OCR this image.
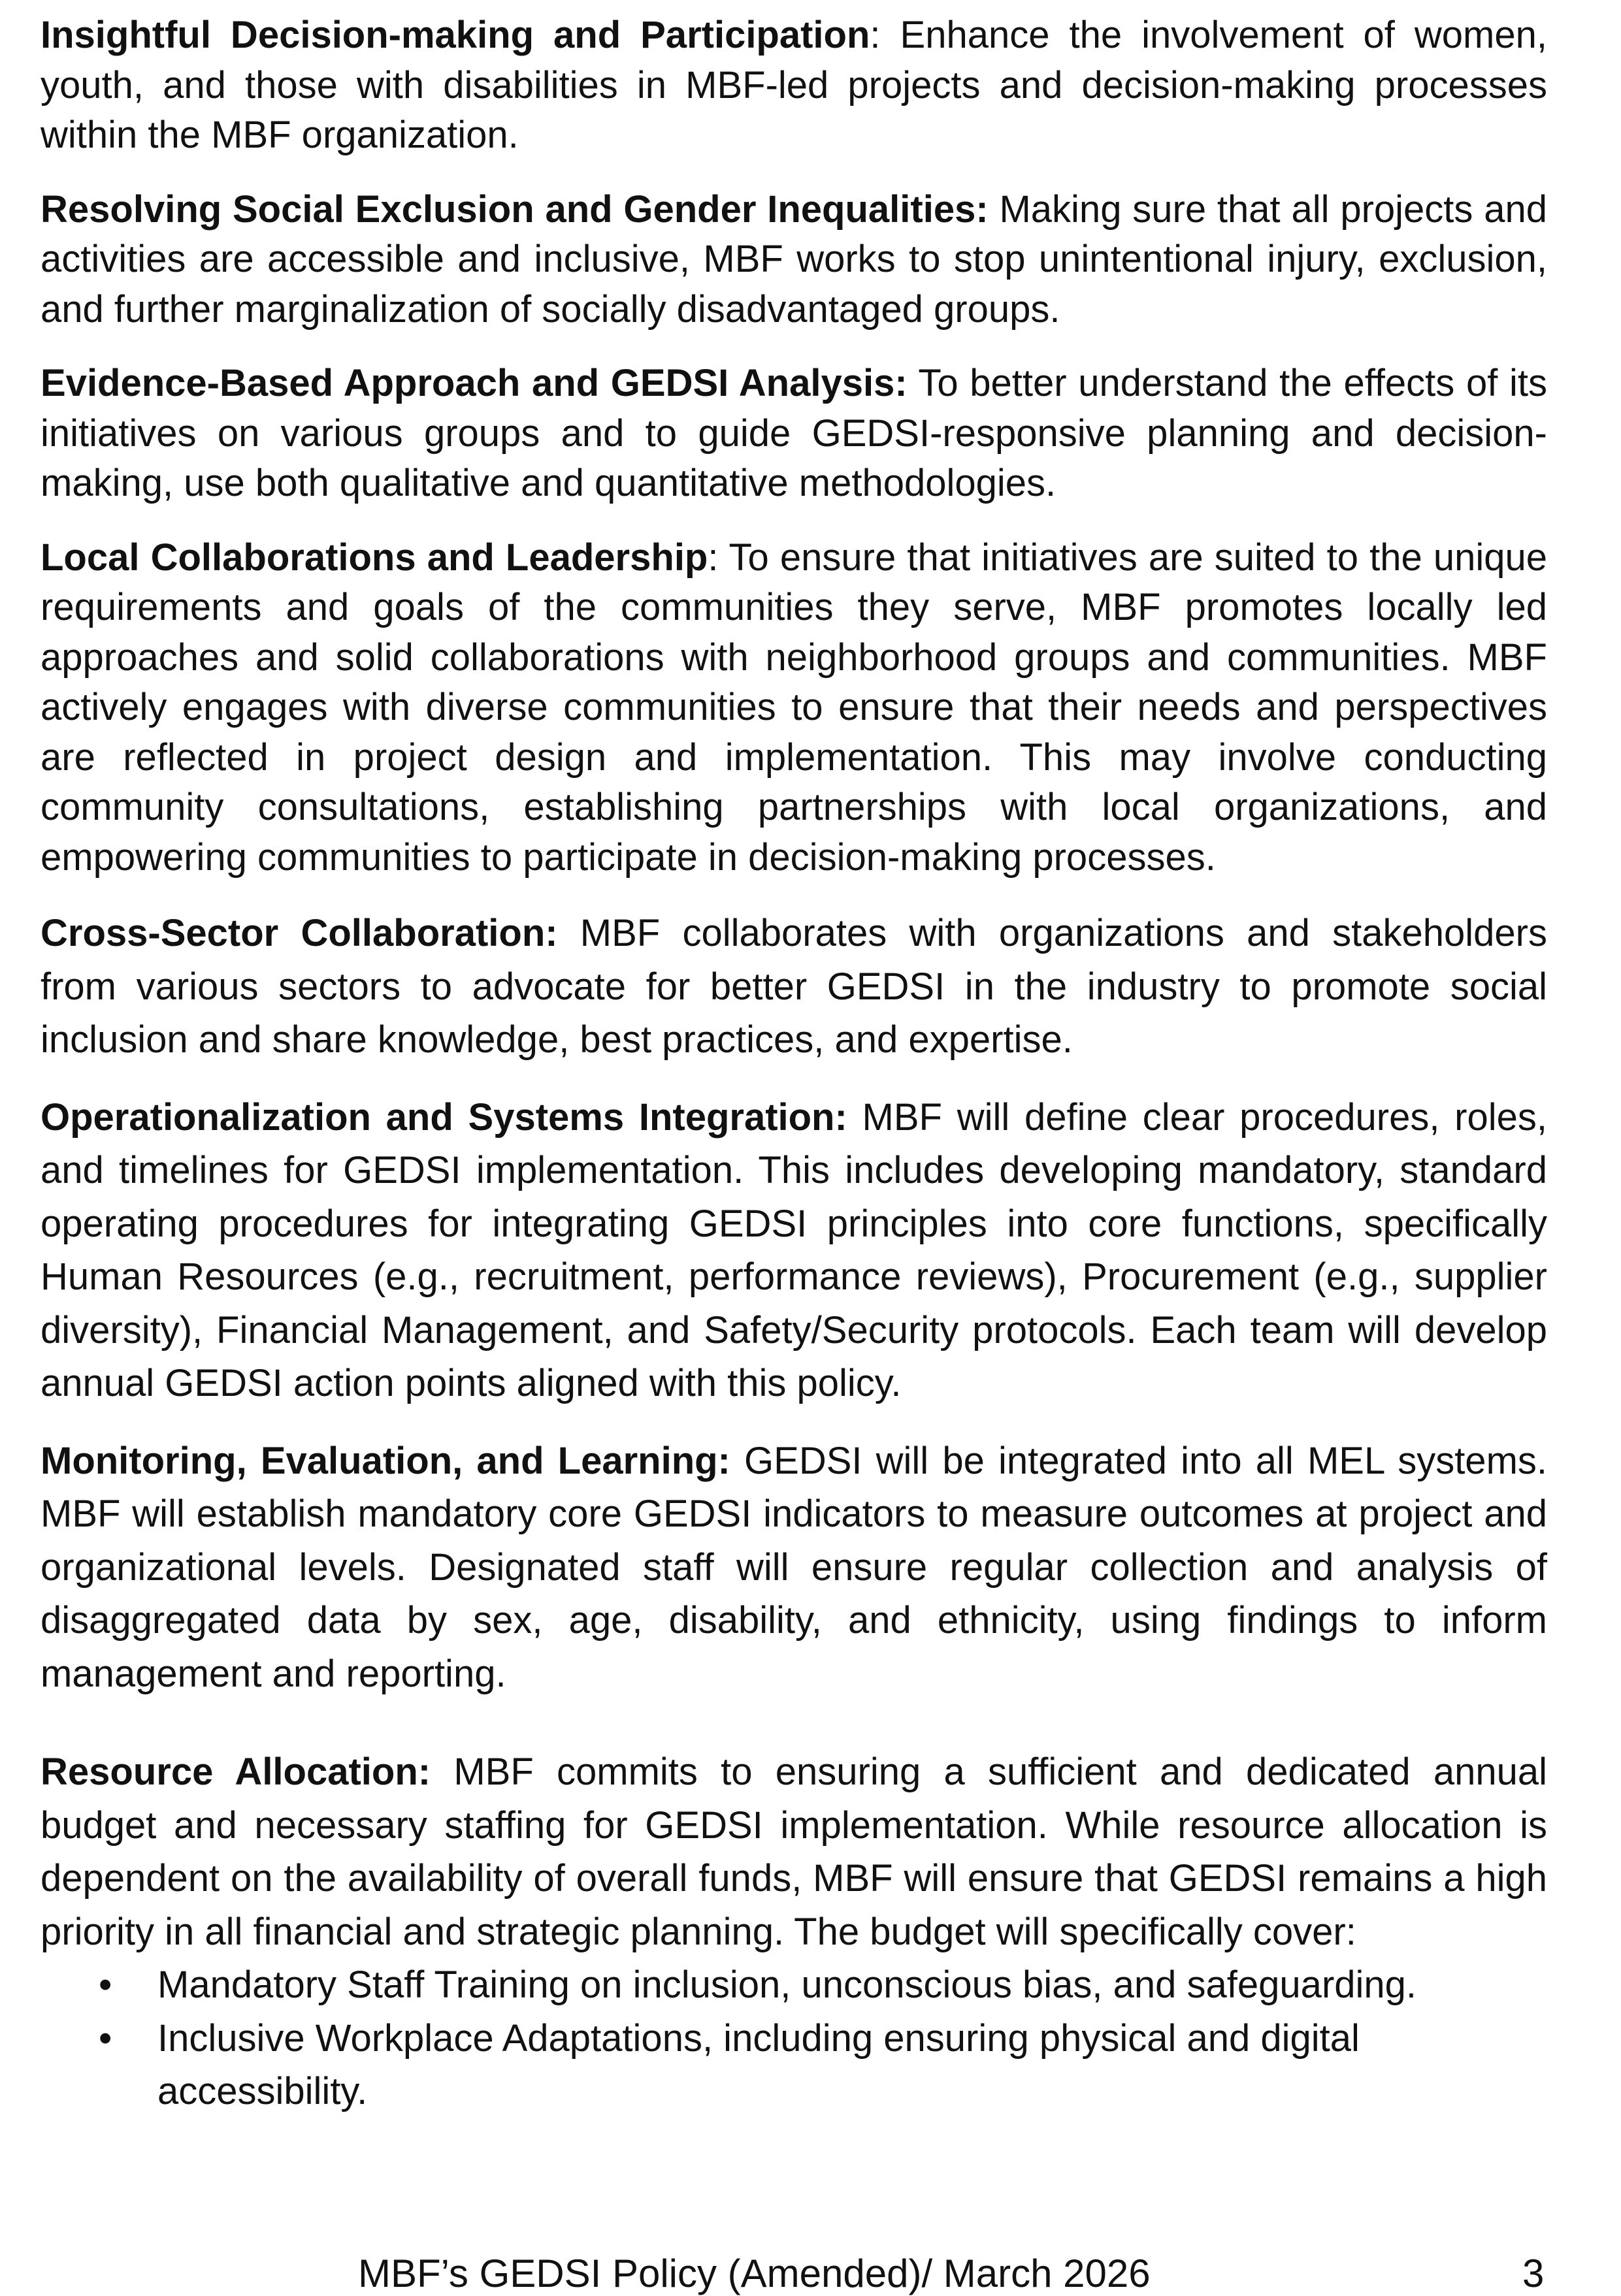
Insightful Decision-making and Participation: Enhance the involvement of women, youth, and those with disabilities in MBF-led projects and decision-making processes within the MBF organization.

Resolving Social Exclusion and Gender Inequalities: Making sure that all projects and activities are accessible and inclusive, MBF works to stop unintentional injury, exclusion, and further marginalization of socially disadvantaged groups.

Evidence-Based Approach and GEDSI Analysis: To better understand the effects of its initiatives on various groups and to guide GEDSI-responsive planning and decision-making, use both qualitative and quantitative methodologies.

Local Collaborations and Leadership: To ensure that initiatives are suited to the unique requirements and goals of the communities they serve, MBF promotes locally led approaches and solid collaborations with neighborhood groups and communities. MBF actively engages with diverse communities to ensure that their needs and perspectives are reflected in project design and implementation. This may involve conducting community consultations, establishing partnerships with local organizations, and empowering communities to participate in decision-making processes.

Cross-Sector Collaboration: MBF collaborates with organizations and stakeholders from various sectors to advocate for better GEDSI in the industry to promote social inclusion and share knowledge, best practices, and expertise.

Operationalization and Systems Integration: MBF will define clear procedures, roles, and timelines for GEDSI implementation. This includes developing mandatory, standard operating procedures for integrating GEDSI principles into core functions, specifically Human Resources (e.g., recruitment, performance reviews), Procurement (e.g., supplier diversity), Financial Management, and Safety/Security protocols. Each team will develop annual GEDSI action points aligned with this policy.

Monitoring, Evaluation, and Learning: GEDSI will be integrated into all MEL systems. MBF will establish mandatory core GEDSI indicators to measure outcomes at project and organizational levels. Designated staff will ensure regular collection and analysis of disaggregated data by sex, age, disability, and ethnicity, using findings to inform management and reporting.

Resource Allocation: MBF commits to ensuring a sufficient and dedicated annual budget and necessary staffing for GEDSI implementation. While resource allocation is dependent on the availability of overall funds, MBF will ensure that GEDSI remains a high priority in all financial and strategic planning. The budget will specifically cover:

• Mandatory Staff Training on inclusion, unconscious bias, and safeguarding.
• Inclusive Workplace Adaptations, including ensuring physical and digital accessibility.
MBF’s GEDSI Policy (Amended)/ March 2026	3
